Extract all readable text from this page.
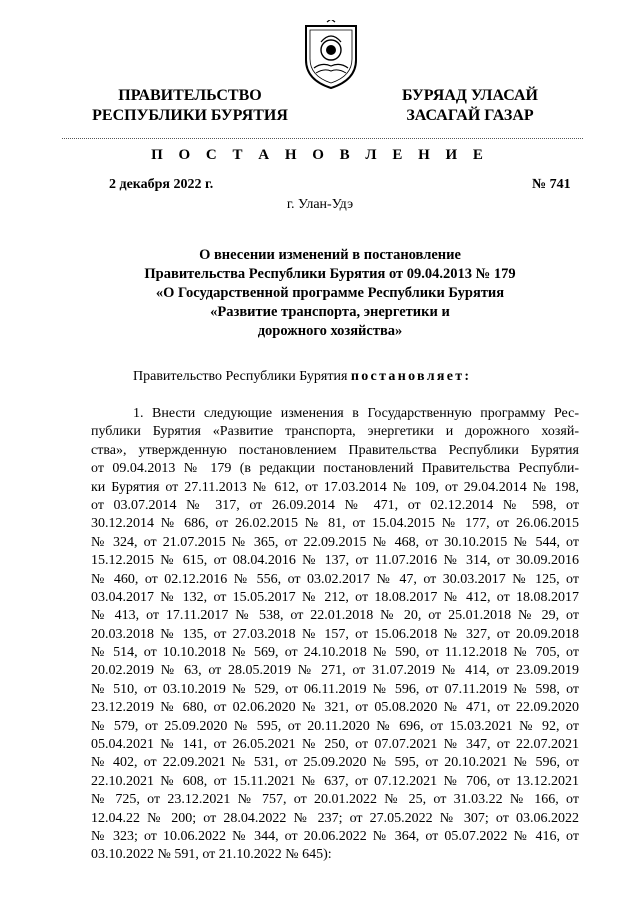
ПРАВИТЕЛЬСТВО
РЕСПУБЛИКИ БУРЯТИЯ
БУРЯАД УЛАСАЙ
ЗАСАГАЙ ГАЗАР
П О С Т А Н О В Л Е Н И Е
2 декабря 2022 г.	№ 741
г. Улан-Удэ
О внесении изменений в постановление
Правительства Республики Бурятия от 09.04.2013 № 179
«О Государственной программе Республики Бурятия
«Развитие транспорта, энергетики и
дорожного хозяйства»
Правительство Республики Бурятия постановляет:
1. Внести следующие изменения в Государственную программу Рес-
публики Бурятия «Развитие транспорта, энергетики и дорожного хозяй-
ства», утвержденную постановлением Правительства Республики Бурятия
от 09.04.2013 № 179 (в редакции постановлений Правительства Республи-
ки Бурятия от 27.11.2013 № 612, от 17.03.2014 № 109, от 29.04.2014 № 198,
от 03.07.2014 № 317, от 26.09.2014 № 471, от 02.12.2014 № 598, от
30.12.2014 № 686, от 26.02.2015 № 81, от 15.04.2015 № 177, от 26.06.2015
№ 324, от 21.07.2015 № 365, от 22.09.2015 № 468, от 30.10.2015 № 544, от
15.12.2015 № 615, от 08.04.2016 № 137, от 11.07.2016 № 314, от 30.09.2016
№ 460, от 02.12.2016 № 556, от 03.02.2017 № 47, от 30.03.2017 № 125, от
03.04.2017 № 132, от 15.05.2017 № 212, от 18.08.2017 № 412, от 18.08.2017
№ 413, от 17.11.2017 № 538, от 22.01.2018 № 20, от 25.01.2018 № 29, от
20.03.2018 № 135, от 27.03.2018 № 157, от 15.06.2018 № 327, от 20.09.2018
№ 514, от 10.10.2018 № 569, от 24.10.2018 № 590, от 11.12.2018 № 705, от
20.02.2019 № 63, от 28.05.2019 № 271, от 31.07.2019 № 414, от 23.09.2019
№ 510, от 03.10.2019 № 529, от 06.11.2019 № 596, от 07.11.2019 № 598, от
23.12.2019 № 680, от 02.06.2020 № 321, от 05.08.2020 № 471, от 22.09.2020
№ 579, от 25.09.2020 № 595, от 20.11.2020 № 696, от 15.03.2021 № 92, от
05.04.2021 № 141, от 26.05.2021 № 250, от 07.07.2021 № 347, от 22.07.2021
№ 402, от 22.09.2021 № 531, от 25.09.2020 № 595, от 20.10.2021 № 596, от
22.10.2021 № 608, от 15.11.2021 № 637, от 07.12.2021 № 706, от 13.12.2021
№ 725, от 23.12.2021 № 757, от 20.01.2022 № 25, от 31.03.22 № 166, от
12.04.22 № 200; от 28.04.2022 № 237; от 27.05.2022 № 307; от 03.06.2022
№ 323; от 10.06.2022 № 344, от 20.06.2022 № 364, от 05.07.2022 № 416, от
03.10.2022 № 591, от 21.10.2022 № 645):
